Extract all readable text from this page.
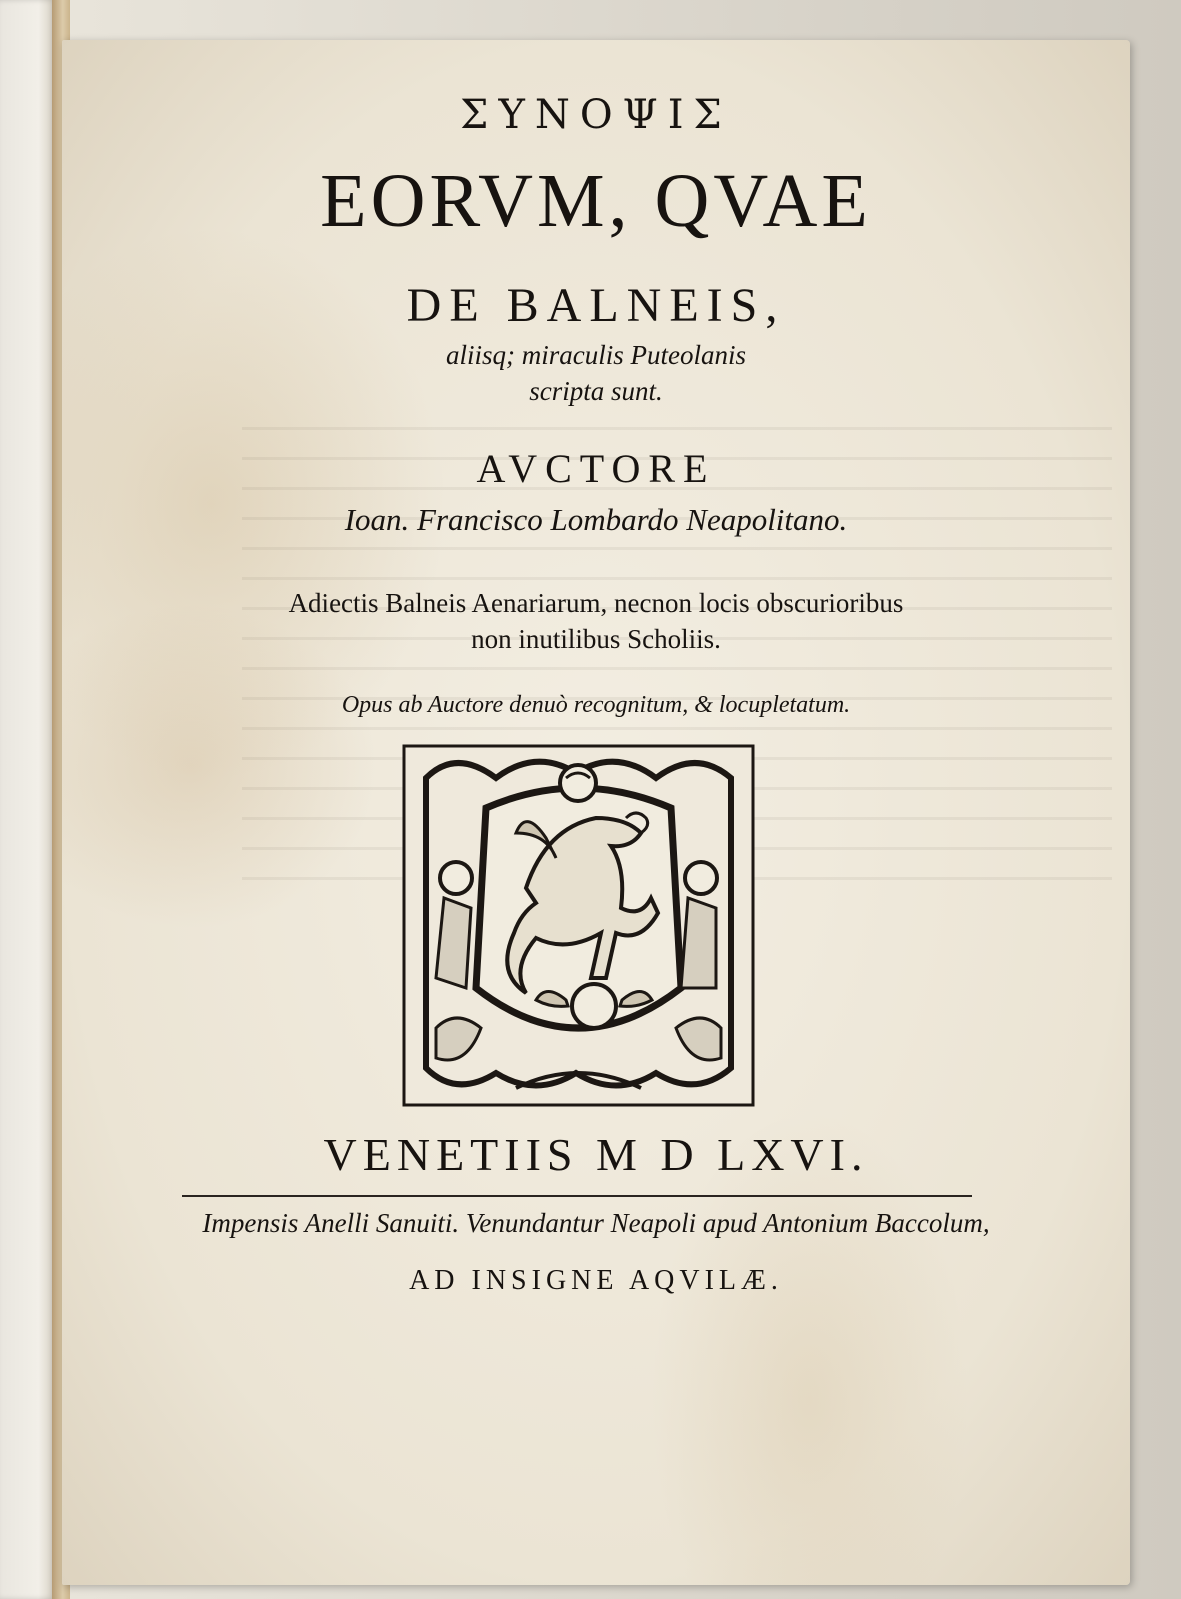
ΣΥΝΟΨΙΣ
EORVM, QVAE
DE BALNEIS,
aliisq; miraculis Puteolanis
scripta sunt.
AVCTORE
Ioan. Francisco Lombardo Neapolitano.
Adiectis Balneis Aenariarum, necnon locis obscurioribus
non inutilibus Scholiis.
Opus ab Auctore denuò recognitum, & locupletatum.
VENETIIS M D LXVI.
Impensis Anelli Sanuiti. Venundantur Neapoli apud Antonium Baccolum,
AD INSIGNE AQVILÆ.
